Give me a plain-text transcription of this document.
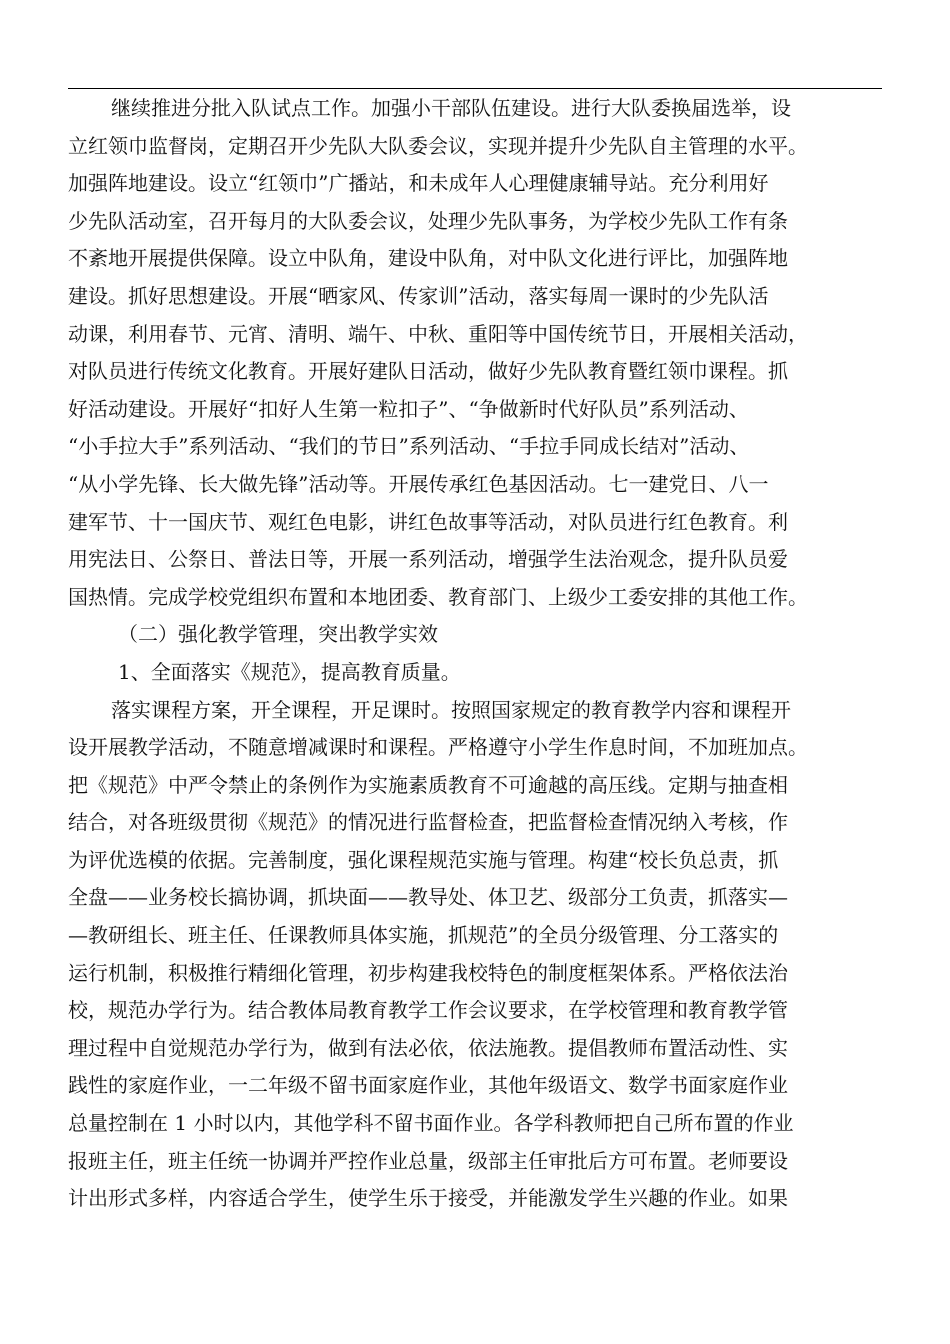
继续推进分批入队试点工作。加强小干部队伍建设。进行大队委换届选举，设
立红领巾监督岗，定期召开少先队大队委会议，实现并提升少先队自主管理的水平。
加强阵地建设。设立“红领巾”广播站，和未成年人心理健康辅导站。充分利用好
少先队活动室，召开每月的大队委会议，处理少先队事务，为学校少先队工作有条
不紊地开展提供保障。设立中队角，建设中队角，对中队文化进行评比，加强阵地
建设。抓好思想建设。开展“晒家风、传家训”活动，落实每周一课时的少先队活
动课，利用春节、元宵、清明、端午、中秋、重阳等中国传统节日，开展相关活动，
对队员进行传统文化教育。开展好建队日活动，做好少先队教育暨红领巾课程。抓
好活动建设。开展好“扣好人生第一粒扣子”、“争做新时代好队员”系列活动、
“小手拉大手”系列活动、“我们的节日”系列活动、“手拉手同成长结对”活动、
“从小学先锋、长大做先锋”活动等。开展传承红色基因活动。七一建党日、八一
建军节、十一国庆节、观红色电影，讲红色故事等活动，对队员进行红色教育。利
用宪法日、公祭日、普法日等，开展一系列活动，增强学生法治观念，提升队员爱
国热情。完成学校党组织布置和本地团委、教育部门、上级少工委安排的其他工作。
（二）强化教学管理，突出教学实效
1、全面落实《规范》，提高教育质量。
落实课程方案，开全课程，开足课时。按照国家规定的教育教学内容和课程开
设开展教学活动，不随意增减课时和课程。严格遵守小学生作息时间，不加班加点。
把《规范》中严令禁止的条例作为实施素质教育不可逾越的高压线。定期与抽查相
结合，对各班级贯彻《规范》的情况进行监督检查，把监督检查情况纳入考核，作
为评优选模的依据。完善制度，强化课程规范实施与管理。构建“校长负总责，抓
全盘——业务校长搞协调，抓块面——教导处、体卫艺、级部分工负责，抓落实—
—教研组长、班主任、任课教师具体实施，抓规范”的全员分级管理、分工落实的
运行机制，积极推行精细化管理，初步构建我校特色的制度框架体系。严格依法治
校，规范办学行为。结合教体局教育教学工作会议要求，在学校管理和教育教学管
理过程中自觉规范办学行为，做到有法必依，依法施教。提倡教师布置活动性、实
践性的家庭作业，一二年级不留书面家庭作业，其他年级语文、数学书面家庭作业
总量控制在 1 小时以内，其他学科不留书面作业。各学科教师把自己所布置的作业
报班主任，班主任统一协调并严控作业总量，级部主任审批后方可布置。老师要设
计出形式多样，内容适合学生，使学生乐于接受，并能激发学生兴趣的作业。如果
